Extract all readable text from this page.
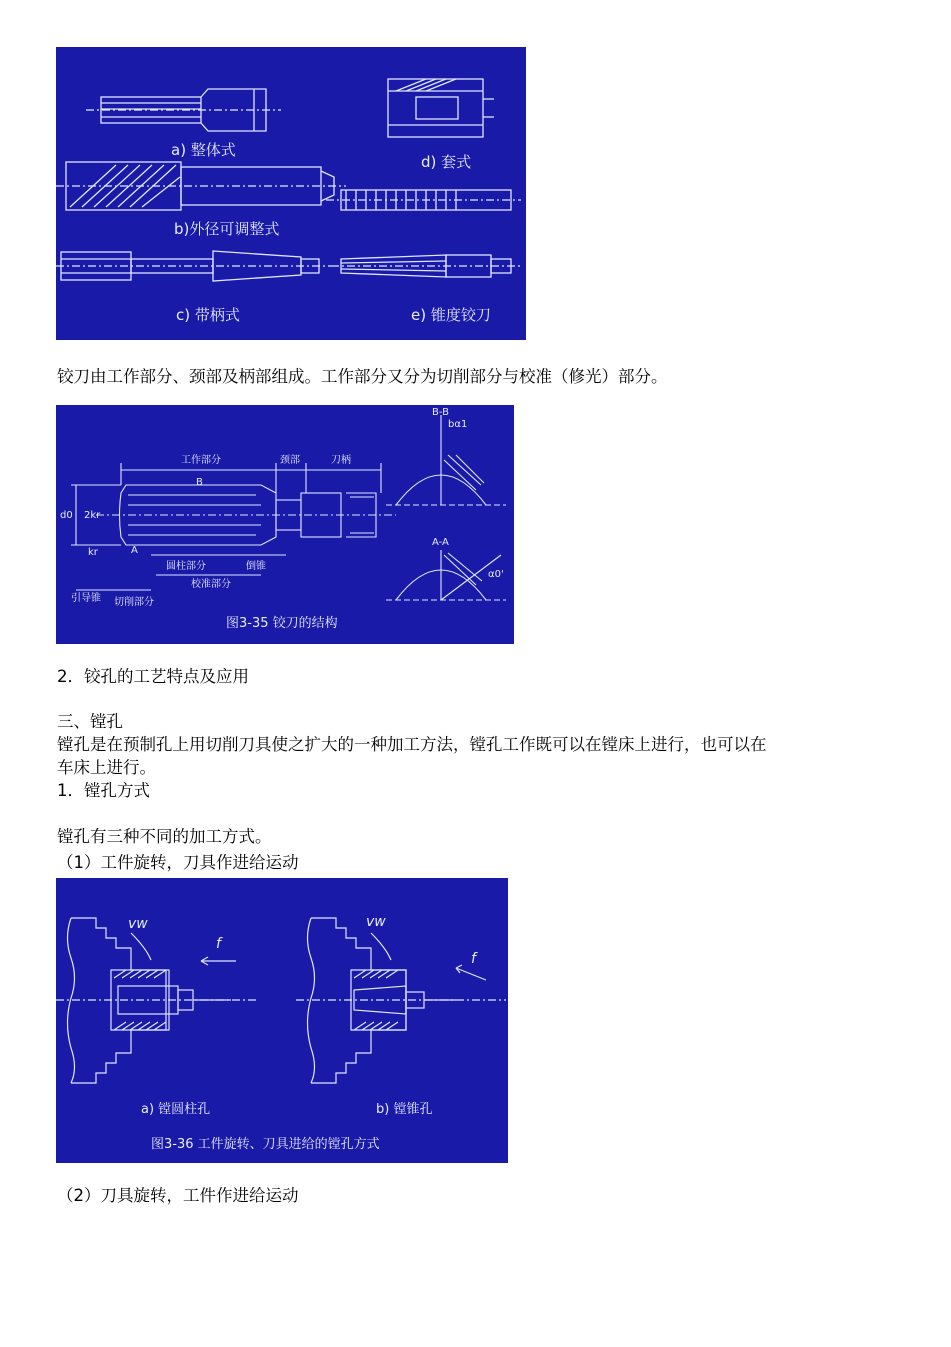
a) 整体式
d) 套式
b)外径可调整式
c) 带柄式	e) 锥度铰刀

铰刀由工作部分、颈部及柄部组成。工作部分又分为切削部分与校准（修光）部分。

工作部分	颈部	刀柄
B-B
bα1
A-A
α0'
d0 2kr
kr	A
B
圆柱部分	倒锥
校准部分
引导锥 切削部分
图3-35 铰刀的结构

2．铰孔的工艺特点及应用

三、镗孔

镗孔是在预制孔上用切削刀具使之扩大的一种加工方法，镗孔工作既可以在镗床上进行，也可以在

车床上进行。

1．镗孔方式

镗孔有三种不同的加工方式。

（1）工件旋转，刀具作进给运动

vw	vw
f
f
a) 镗圆柱孔	b) 镗锥孔
图3-36 工件旋转、刀具进给的镗孔方式

（2）刀具旋转，工件作进给运动
